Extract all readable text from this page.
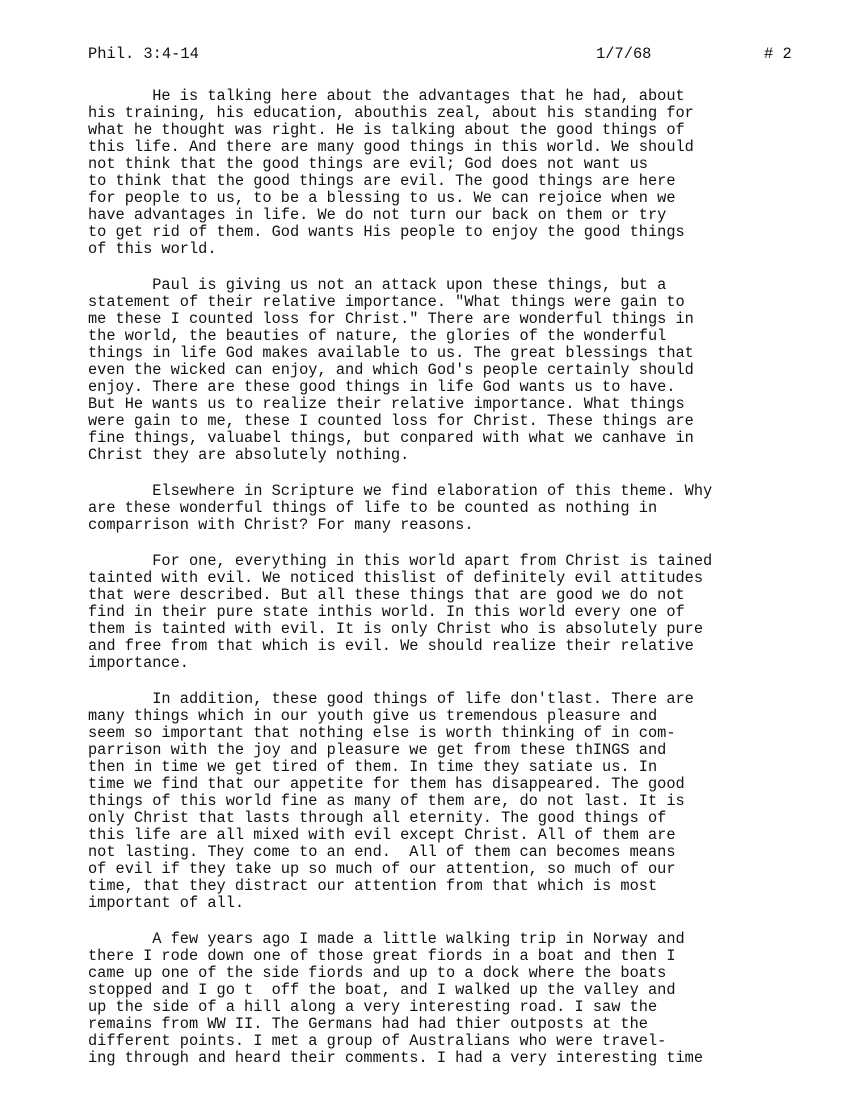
Phil. 3:4-14	1/7/68	# 2
He is talking here about the advantages that he had, about
his training, his education, abouthis zeal, about his standing for
what he thought was right. He is talking about the good things of
this life. And there are many good things in this world. We should
not think that the good things are evil; God does not want us
to think that the good things are evil. The good things are here
for people to us, to be a blessing to us. We can rejoice when we
have advantages in life. We do not turn our back on them or try
to get rid of them. God wants His people to enjoy the good things
of this world.
Paul is giving us not an attack upon these things, but a
statement of their relative importance. "What things were gain to
me these I counted loss for Christ." There are wonderful things in
the world, the beauties of nature, the glories of the wonderful
things in life God makes available to us. The great blessings that
even the wicked can enjoy, and which God's people certainly should
enjoy. There are these good things in life God wants us to have.
But He wants us to realize their relative importance. What things
were gain to me, these I counted loss for Christ. These things are
fine things, valuabel things, but conpared with what we canhave in
Christ they are absolutely nothing.
Elsewhere in Scripture we find elaboration of this theme. Why
are these wonderful things of life to be counted as nothing in
comparrison with Christ? For many reasons.
For one, everything in this world apart from Christ is tained
tainted with evil. We noticed thislist of definitely evil attitudes
that were described. But all these things that are good we do not
find in their pure state inthis world. In this world every one of
them is tainted with evil. It is only Christ who is absolutely pure
and free from that which is evil. We should realize their relative
importance.
In addition, these good things of life don'tlast. There are
many things which in our youth give us tremendous pleasure and
seem so important that nothing else is worth thinking of in com-
parrison with the joy and pleasure we get from these thINGS and
then in time we get tired of them. In time they satiate us. In
time we find that our appetite for them has disappeared. The good
things of this world fine as many of them are, do not last. It is
only Christ that lasts through all eternity. The good things of
this life are all mixed with evil except Christ. All of them are
not lasting. They come to an end.  All of them can becomes means
of evil if they take up so much of our attention, so much of our
time, that they distract our attention from that which is most
important of all.
A few years ago I made a little walking trip in Norway and
there I rode down one of those great fiords in a boat and then I
came up one of the side fiords and up to a dock where the boats
stopped and I go t  off the boat, and I walked up the valley and
up the side of a hill along a very interesting road. I saw the
remains from WW II. The Germans had had thier outposts at the
different points. I met a group of Australians who were travel-
ing through and heard their comments. I had a very interesting time
